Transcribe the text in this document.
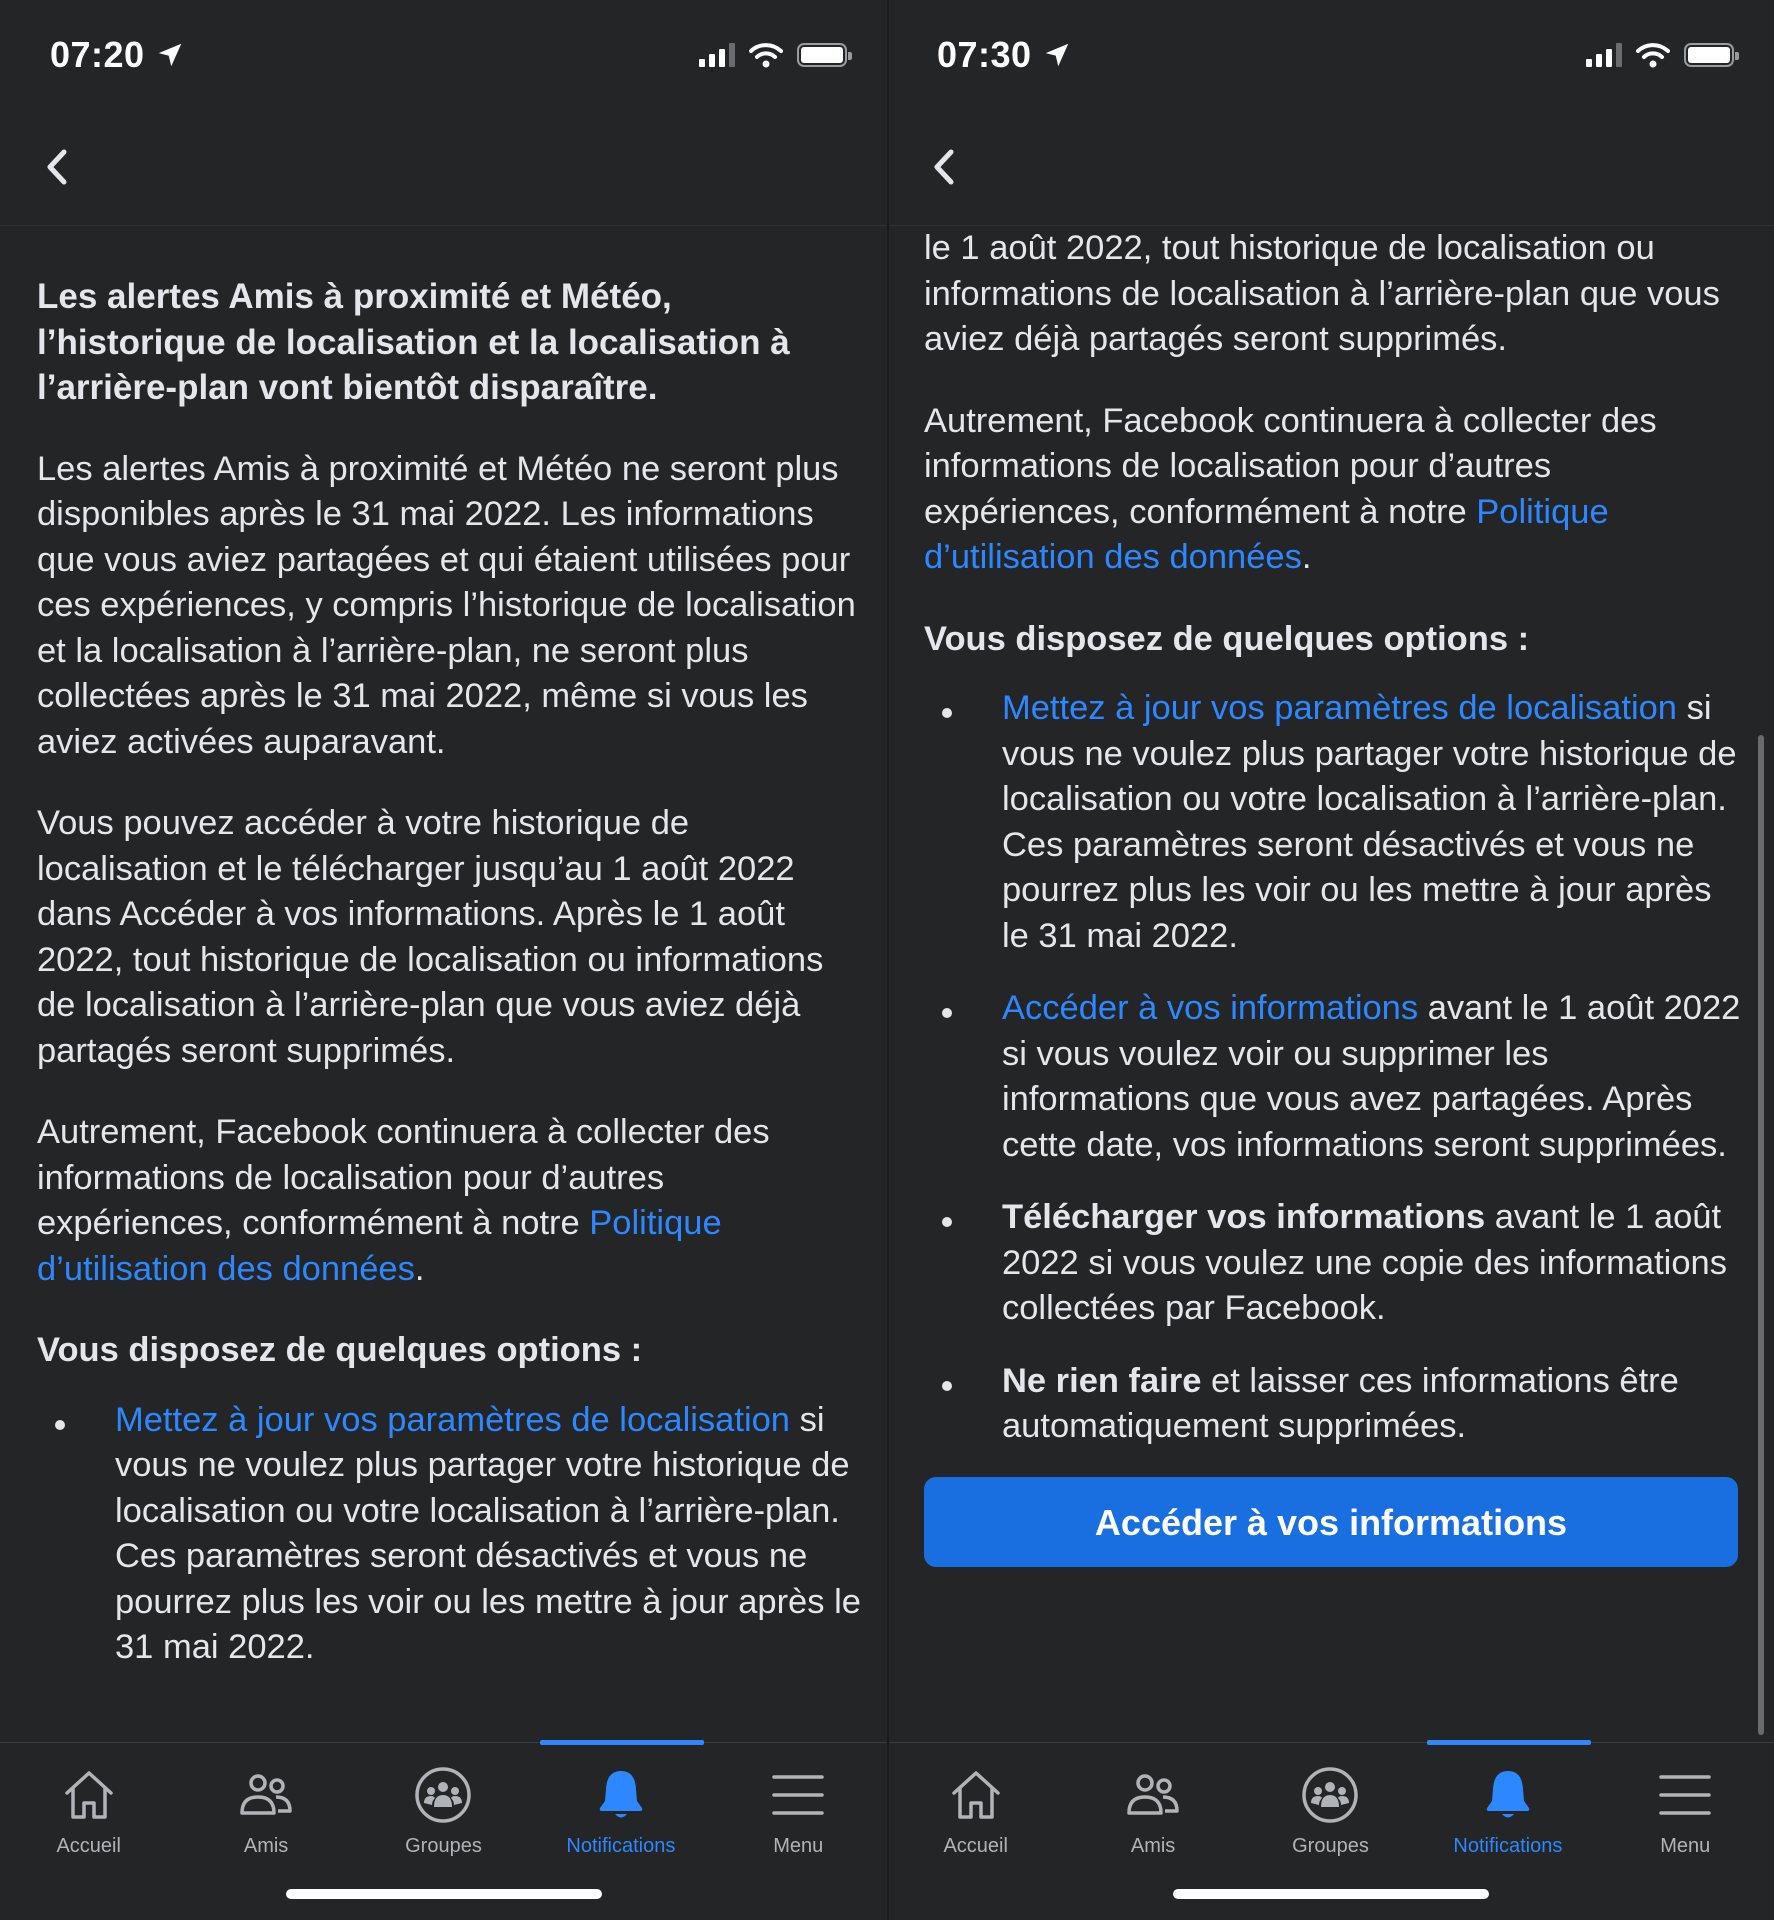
07:20

Les alertes Amis à proximité et Météo, l’historique de localisation et la localisation à l’arrière-plan vont bientôt disparaître.

Les alertes Amis à proximité et Météo ne seront plus disponibles après le 31 mai 2022. Les informations que vous aviez partagées et qui étaient utilisées pour ces expériences, y compris l’historique de localisation et la localisation à l’arrière-plan, ne seront plus collectées après le 31 mai 2022, même si vous les aviez activées auparavant.

Vous pouvez accéder à votre historique de localisation et le télécharger jusqu’au 1 août 2022 dans Accéder à vos informations. Après le 1 août 2022, tout historique de localisation ou informations de localisation à l’arrière-plan que vous aviez déjà partagés seront supprimés.

Autrement, Facebook continuera à collecter des informations de localisation pour d’autres expériences, conformément à notre Politique d’utilisation des données.

Vous disposez de quelques options :

Mettez à jour vos paramètres de localisation si vous ne voulez plus partager votre historique de localisation ou votre localisation à l’arrière-plan. Ces paramètres seront désactivés et vous ne pourrez plus les voir ou les mettre à jour après le 31 mai 2022.
Accueil	Amis	Groupes	Notifications	Menu
07:30

le 1 août 2022, tout historique de localisation ou informations de localisation à l’arrière-plan que vous aviez déjà partagés seront supprimés.

Autrement, Facebook continuera à collecter des informations de localisation pour d’autres expériences, conformément à notre Politique d’utilisation des données.

Vous disposez de quelques options :

Mettez à jour vos paramètres de localisation si vous ne voulez plus partager votre historique de localisation ou votre localisation à l’arrière-plan. Ces paramètres seront désactivés et vous ne pourrez plus les voir ou les mettre à jour après le 31 mai 2022.
Accéder à vos informations avant le 1 août 2022 si vous voulez voir ou supprimer les informations que vous avez partagées. Après cette date, vos informations seront supprimées.
Télécharger vos informations avant le 1 août 2022 si vous voulez une copie des informations collectées par Facebook.
Ne rien faire et laisser ces informations être automatiquement supprimées.
Accéder à vos informations
Accueil	Amis	Groupes	Notifications	Menu
